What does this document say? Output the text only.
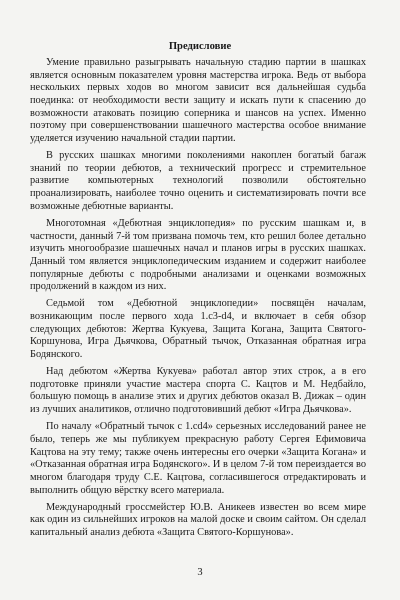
Предисловие

Умение правильно разыгрывать начальную стадию партии в шашках является основным показателем уровня мастерства игрока. Ведь от выбора нескольких первых ходов во многом зависит вся дальнейшая судьба поединка: от необходимости вести защиту и искать пути к спасению до возможности атаковать позицию соперника и шансов на успех. Именно поэтому при совершенствовании шашечного мастерства особое внимание уделяется изучению начальной стадии партии.

В русских шашках многими поколениями накоплен богатый багаж знаний по теории дебютов, а технический прогресс и стремительное развитие компьютерных технологий позволили обстоятельно проанализировать, наиболее точно оценить и систематизировать почти все возможные дебютные варианты.

Многотомная «Дебютная энциклопедия» по русским шашкам и, в частности, данный 7-й том призвана помочь тем, кто решил более детально изучить многообразие шашечных начал и планов игры в русских шашках. Данный том является энциклопедическим изданием и содержит наиболее популярные дебюты с подробными анализами и оценками возможных продолжений в каждом из них.

Седьмой том «Дебютной энциклопедии» посвящён началам, возникающим после первого хода 1.c3-d4, и включает в себя обзор следующих дебютов: Жертва Кукуева, Защита Когана, Защита Святого-Коршунова, Игра Дьячкова, Обратный тычок, Отказанная обратная игра Бодянского.

Над дебютом «Жертва Кукуева» работал автор этих строк, а в его подготовке приняли участие мастера спорта С. Кацтов и М. Недбайло, большую помощь в анализе этих и других дебютов оказал В. Дижак – один из лучших аналитиков, отлично подготовивший дебют «Игра Дьячкова».

По началу «Обратный тычок с 1.cd4» серьезных исследований ранее не было, теперь же мы публикуем прекрасную работу Сергея Ефимовича Кацтова на эту тему; также очень интересны его очерки «Защита Когана» и «Отказанная обратная игра Бодянского». И в целом 7-й том переиздается во многом благодаря труду С.Е. Кацтова, согласившегося отредактировать и выполнить общую вёрстку всего материала.

Международный гроссмейстер Ю.В. Аникеев известен во всем мире как один из сильнейших игроков на малой доске и своим сайтом. Он сделал капитальный анализ дебюта «Защита Святого-Коршунова».

3
